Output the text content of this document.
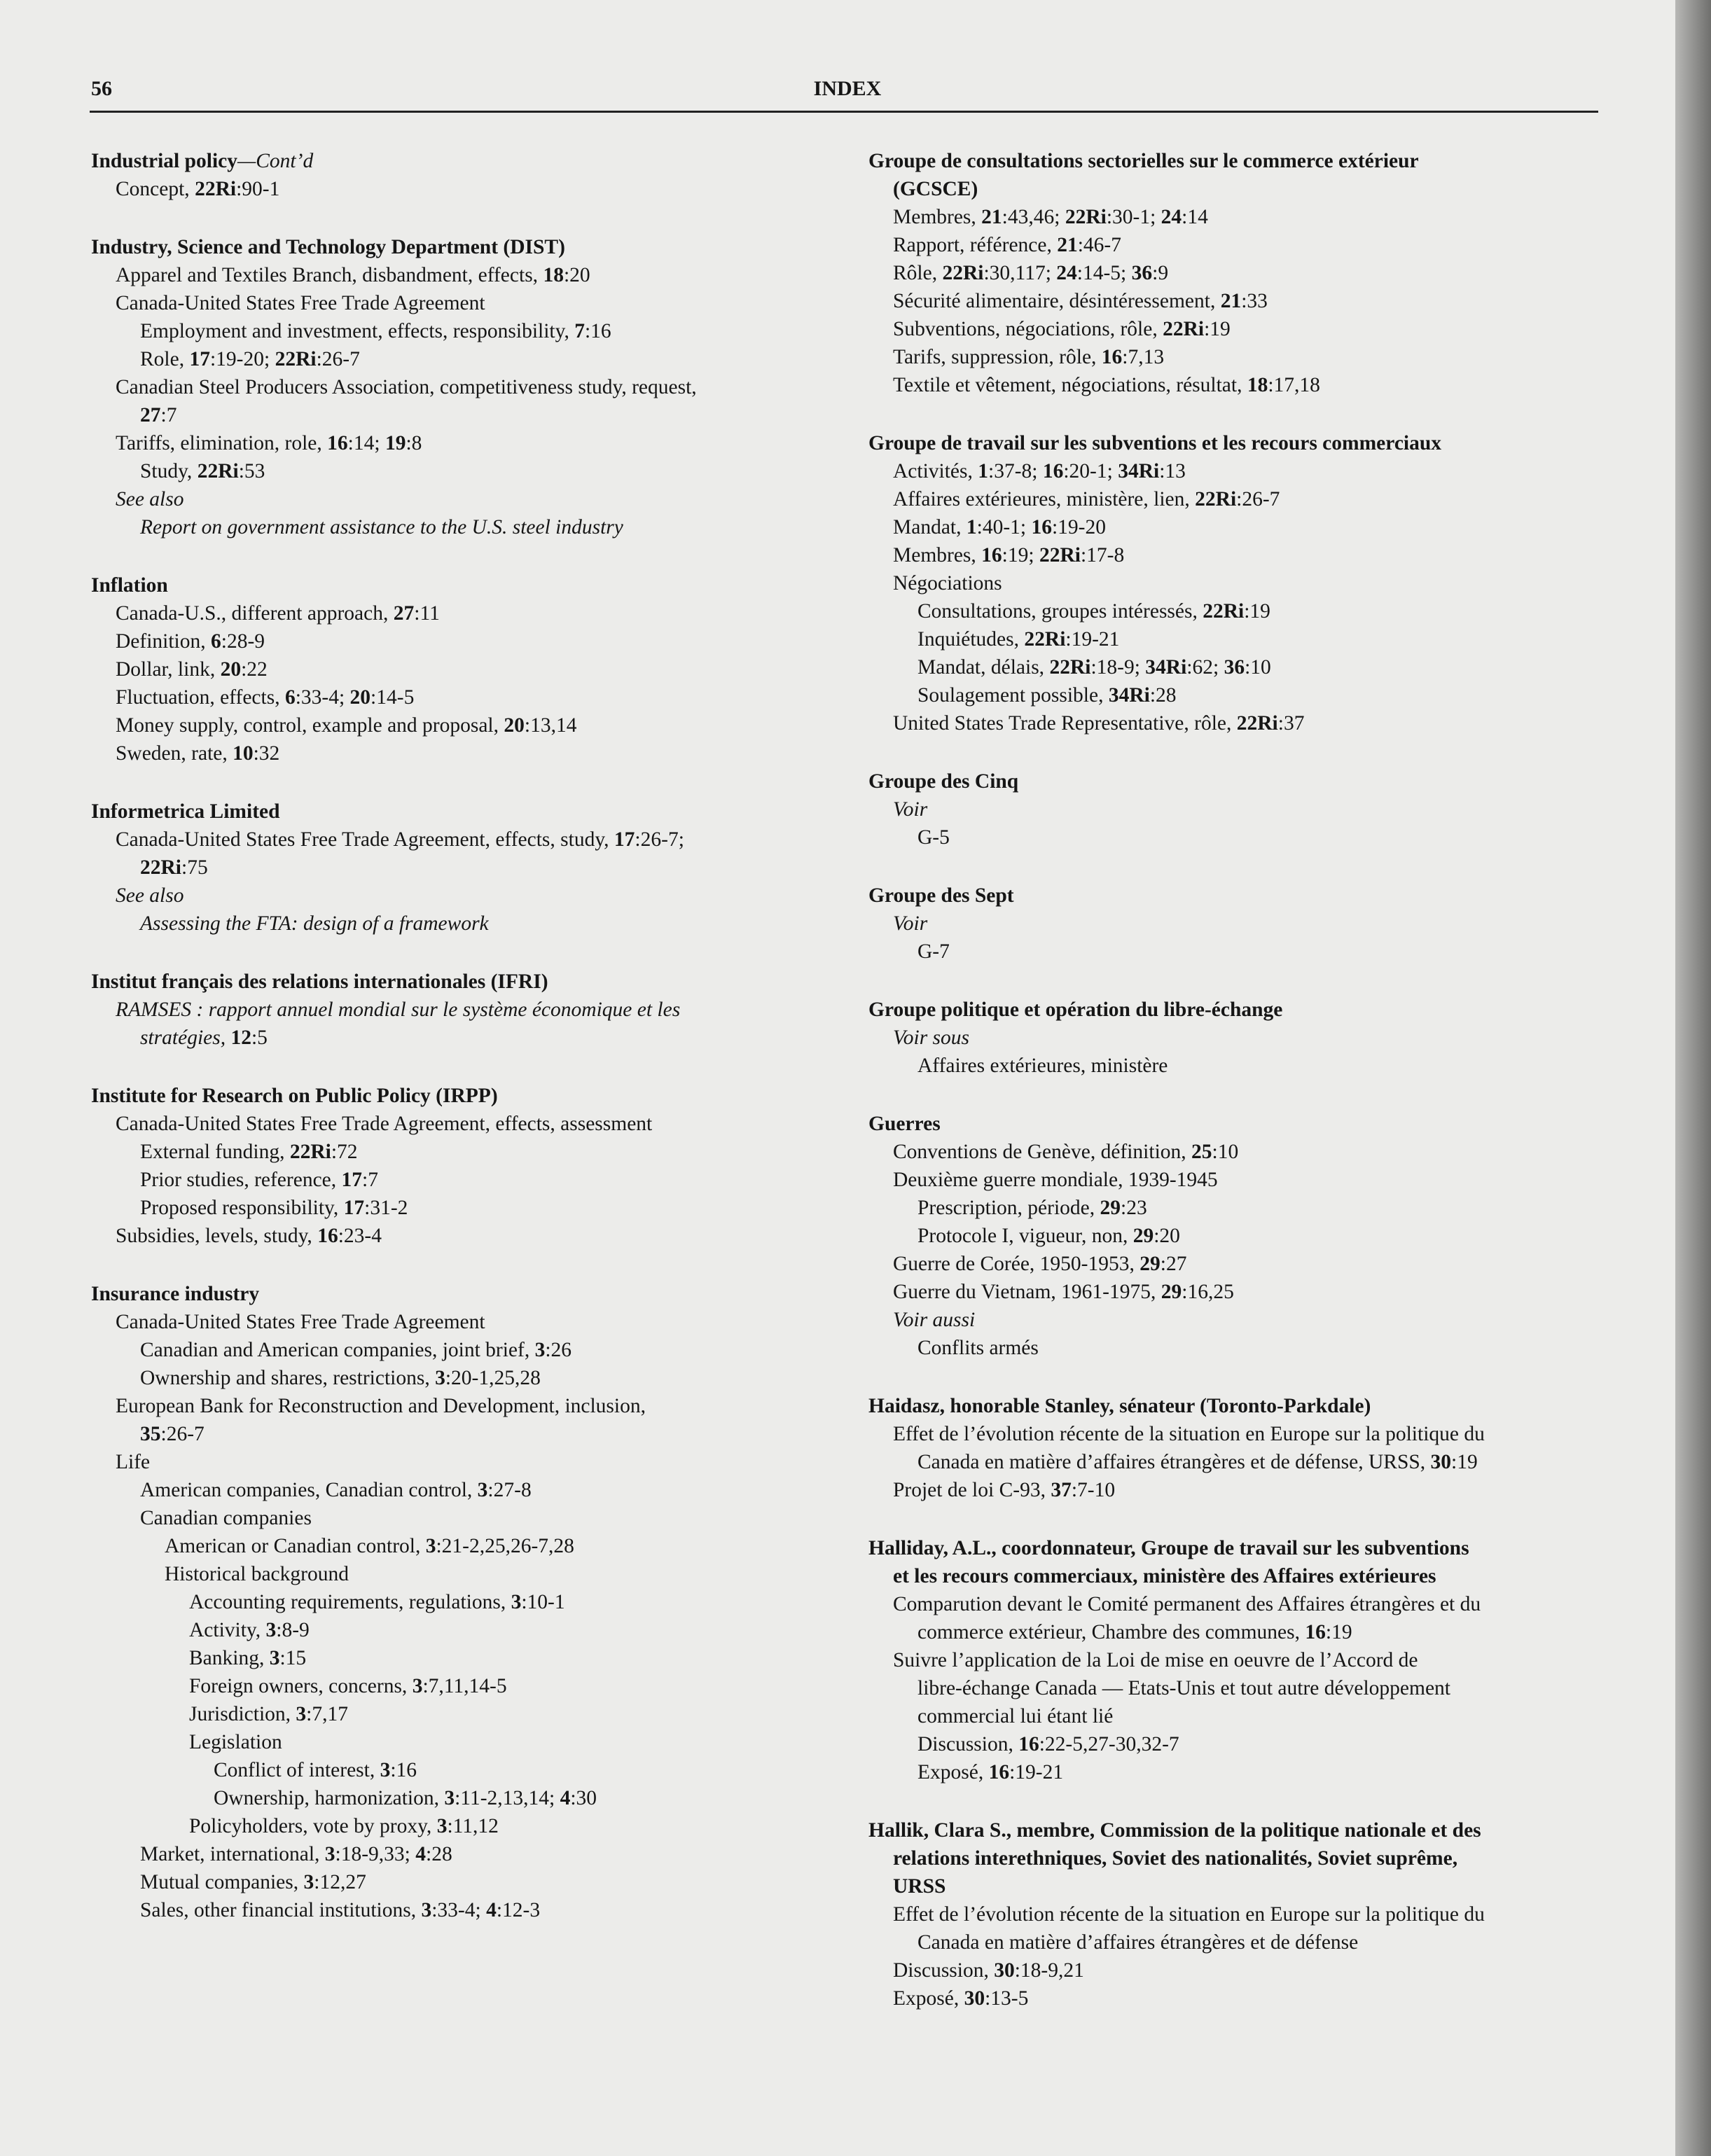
56	INDEX
Industrial policy—Cont’d
Concept, 22Ri:90-1
Industry, Science and Technology Department (DIST)
Apparel and Textiles Branch, disbandment, effects, 18:20
Canada-United States Free Trade Agreement
Employment and investment, effects, responsibility, 7:16
Role, 17:19-20; 22Ri:26-7
Canadian Steel Producers Association, competitiveness study, request,
27:7
Tariffs, elimination, role, 16:14; 19:8
Study, 22Ri:53
See also
Report on government assistance to the U.S. steel industry
Inflation
Canada-U.S., different approach, 27:11
Definition, 6:28-9
Dollar, link, 20:22
Fluctuation, effects, 6:33-4; 20:14-5
Money supply, control, example and proposal, 20:13,14
Sweden, rate, 10:32
Informetrica Limited
Canada-United States Free Trade Agreement, effects, study, 17:26-7;
22Ri:75
See also
Assessing the FTA: design of a framework
Institut français des relations internationales (IFRI)
RAMSES : rapport annuel mondial sur le système économique et les
stratégies, 12:5
Institute for Research on Public Policy (IRPP)
Canada-United States Free Trade Agreement, effects, assessment
External funding, 22Ri:72
Prior studies, reference, 17:7
Proposed responsibility, 17:31-2
Subsidies, levels, study, 16:23-4
Insurance industry
Canada-United States Free Trade Agreement
Canadian and American companies, joint brief, 3:26
Ownership and shares, restrictions, 3:20-1,25,28
European Bank for Reconstruction and Development, inclusion,
35:26-7
Life
American companies, Canadian control, 3:27-8
Canadian companies
American or Canadian control, 3:21-2,25,26-7,28
Historical background
Accounting requirements, regulations, 3:10-1
Activity, 3:8-9
Banking, 3:15
Foreign owners, concerns, 3:7,11,14-5
Jurisdiction, 3:7,17
Legislation
Conflict of interest, 3:16
Ownership, harmonization, 3:11-2,13,14; 4:30
Policyholders, vote by proxy, 3:11,12
Market, international, 3:18-9,33; 4:28
Mutual companies, 3:12,27
Sales, other financial institutions, 3:33-4; 4:12-3
Groupe de consultations sectorielles sur le commerce extérieur
(GCSCE)
Membres, 21:43,46; 22Ri:30-1; 24:14
Rapport, référence, 21:46-7
Rôle, 22Ri:30,117; 24:14-5; 36:9
Sécurité alimentaire, désintéressement, 21:33
Subventions, négociations, rôle, 22Ri:19
Tarifs, suppression, rôle, 16:7,13
Textile et vêtement, négociations, résultat, 18:17,18
Groupe de travail sur les subventions et les recours commerciaux
Activités, 1:37-8; 16:20-1; 34Ri:13
Affaires extérieures, ministère, lien, 22Ri:26-7
Mandat, 1:40-1; 16:19-20
Membres, 16:19; 22Ri:17-8
Négociations
Consultations, groupes intéressés, 22Ri:19
Inquiétudes, 22Ri:19-21
Mandat, délais, 22Ri:18-9; 34Ri:62; 36:10
Soulagement possible, 34Ri:28
United States Trade Representative, rôle, 22Ri:37
Groupe des Cinq
Voir
G-5
Groupe des Sept
Voir
G-7
Groupe politique et opération du libre-échange
Voir sous
Affaires extérieures, ministère
Guerres
Conventions de Genève, définition, 25:10
Deuxième guerre mondiale, 1939-1945
Prescription, période, 29:23
Protocole I, vigueur, non, 29:20
Guerre de Corée, 1950-1953, 29:27
Guerre du Vietnam, 1961-1975, 29:16,25
Voir aussi
Conflits armés
Haidasz, honorable Stanley, sénateur (Toronto-Parkdale)
Effet de l’évolution récente de la situation en Europe sur la politique du
Canada en matière d’affaires étrangères et de défense, URSS, 30:19
Projet de loi C-93, 37:7-10
Halliday, A.L., coordonnateur, Groupe de travail sur les subventions
et les recours commerciaux, ministère des Affaires extérieures
Comparution devant le Comité permanent des Affaires étrangères et du
commerce extérieur, Chambre des communes, 16:19
Suivre l’application de la Loi de mise en oeuvre de l’Accord de
libre-échange Canada — Etats-Unis et tout autre développement
commercial lui étant lié
Discussion, 16:22-5,27-30,32-7
Exposé, 16:19-21
Hallik, Clara S., membre, Commission de la politique nationale et des
relations interethniques, Soviet des nationalités, Soviet suprême,
URSS
Effet de l’évolution récente de la situation en Europe sur la politique du
Canada en matière d’affaires étrangères et de défense
Discussion, 30:18-9,21
Exposé, 30:13-5
